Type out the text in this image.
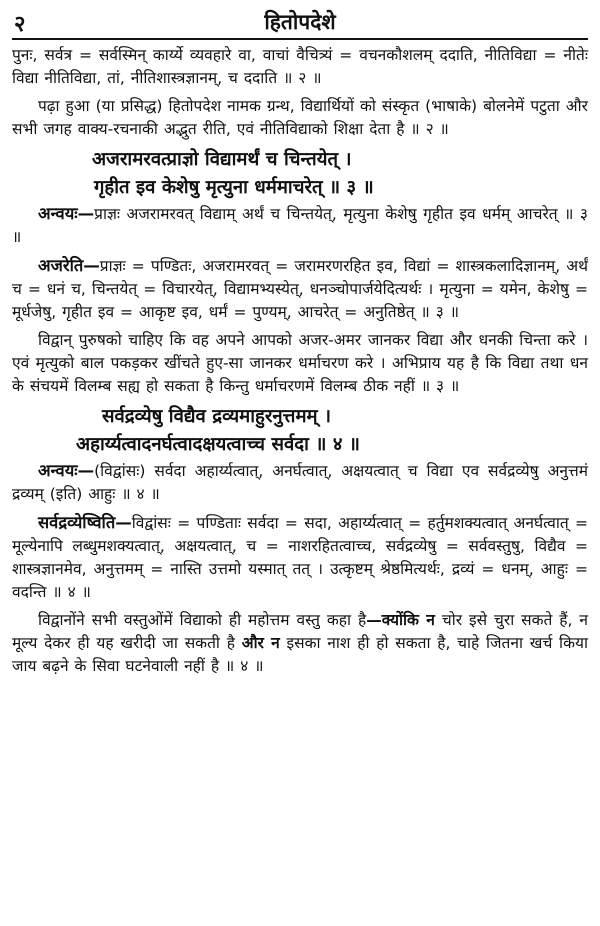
२	हितोपदेशे

पुनः, सर्वत्र = सर्वस्मिन् कार्य्ये व्यवहारे वा, वाचां वैचित्र्यं = वचनकौशलम् ददाति, नीतिविद्या = नीतेः विद्या नीतिविद्या, तां, नीतिशास्त्रज्ञानम्, च ददाति ॥ २ ॥

पढ़ा हुआ (या प्रसिद्ध) हितोपदेश नामक ग्रन्थ, विद्यार्थियों को संस्कृत (भाषाके) बोलनेमें पटुता और सभी जगह वाक्य-रचनाकी अद्भुत रीति, एवं नीतिविद्याको शिक्षा देता है ॥ २ ॥

अजरामरवत्प्राज्ञो विद्यामर्थं च चिन्तयेत् ।

गृहीत इव केशेषु मृत्युना धर्ममाचरेत् ॥ ३ ॥

अन्वयः—प्राज्ञः अजरामरवत् विद्याम् अर्थं च चिन्तयेत्, मृत्युना केशेषु गृहीत इव धर्मम् आचरेत् ॥ ३ ॥

अजरेति—प्राज्ञः = पण्डितः, अजरामरवत् = जरामरणरहित इव, विद्यां = शास्त्रकलादिज्ञानम्, अर्थं च = धनं च, चिन्तयेत् = विचारयेत्, विद्यामभ्यस्येत्, धनञ्चोपार्जयेदित्यर्थः । मृत्युना = यमेन, केशेषु = मूर्धजेषु, गृहीत इव = आकृष्ट इव, धर्मं = पुण्यम्, आचरेत् = अनुतिष्ठेत् ॥ ३ ॥

विद्वान् पुरुषको चाहिए कि वह अपने आपको अजर-अमर जानकर विद्या और धनकी चिन्ता करे । एवं मृत्युको बाल पकड़कर खींचते हुए-सा जानकर धर्माचरण करे । अभिप्राय यह है कि विद्या तथा धन के संचयमें विलम्ब सह्य हो सकता है किन्तु धर्माचरणमें विलम्ब ठीक नहीं ॥ ३ ॥

सर्वद्रव्येषु विद्यैव द्रव्यमाहुरनुत्तमम् ।

अहार्य्यत्वादनर्घत्वादक्षयत्वाच्च सर्वदा ॥ ४ ॥

अन्वयः—(विद्वांसः) सर्वदा अहार्य्यत्वात्, अनर्घत्वात्, अक्षयत्वात् च विद्या एव सर्वद्रव्येषु अनुत्तमं द्रव्यम् (इति) आहुः ॥ ४ ॥

सर्वद्रव्येष्विति—विद्वांसः = पण्डिताः सर्वदा = सदा, अहार्य्यत्वात् = हर्तुमशक्यत्वात् अनर्घत्वात् = मूल्येनापि लब्धुमशक्यत्वात्, अक्षयत्वात्, च = नाशरहितत्वाच्च, सर्वद्रव्येषु = सर्ववस्तुषु, विद्यैव = शास्त्रज्ञानमेव, अनुत्तमम् = नास्ति उत्तमो यस्मात् तत् । उत्कृष्टम् श्रेष्ठमित्यर्थः, द्रव्यं = धनम्, आहुः = वदन्ति ॥ ४ ॥

विद्वानोंने सभी वस्तुओंमें विद्याको ही महोत्तम वस्तु कहा है—क्योंकि न चोर इसे चुरा सकते हैं, न मूल्य देकर ही यह खरीदी जा सकती है और न इसका नाश ही हो सकता है, चाहे जितना खर्च किया जाय बढ़ने के सिवा घटनेवाली नहीं है ॥ ४ ॥
